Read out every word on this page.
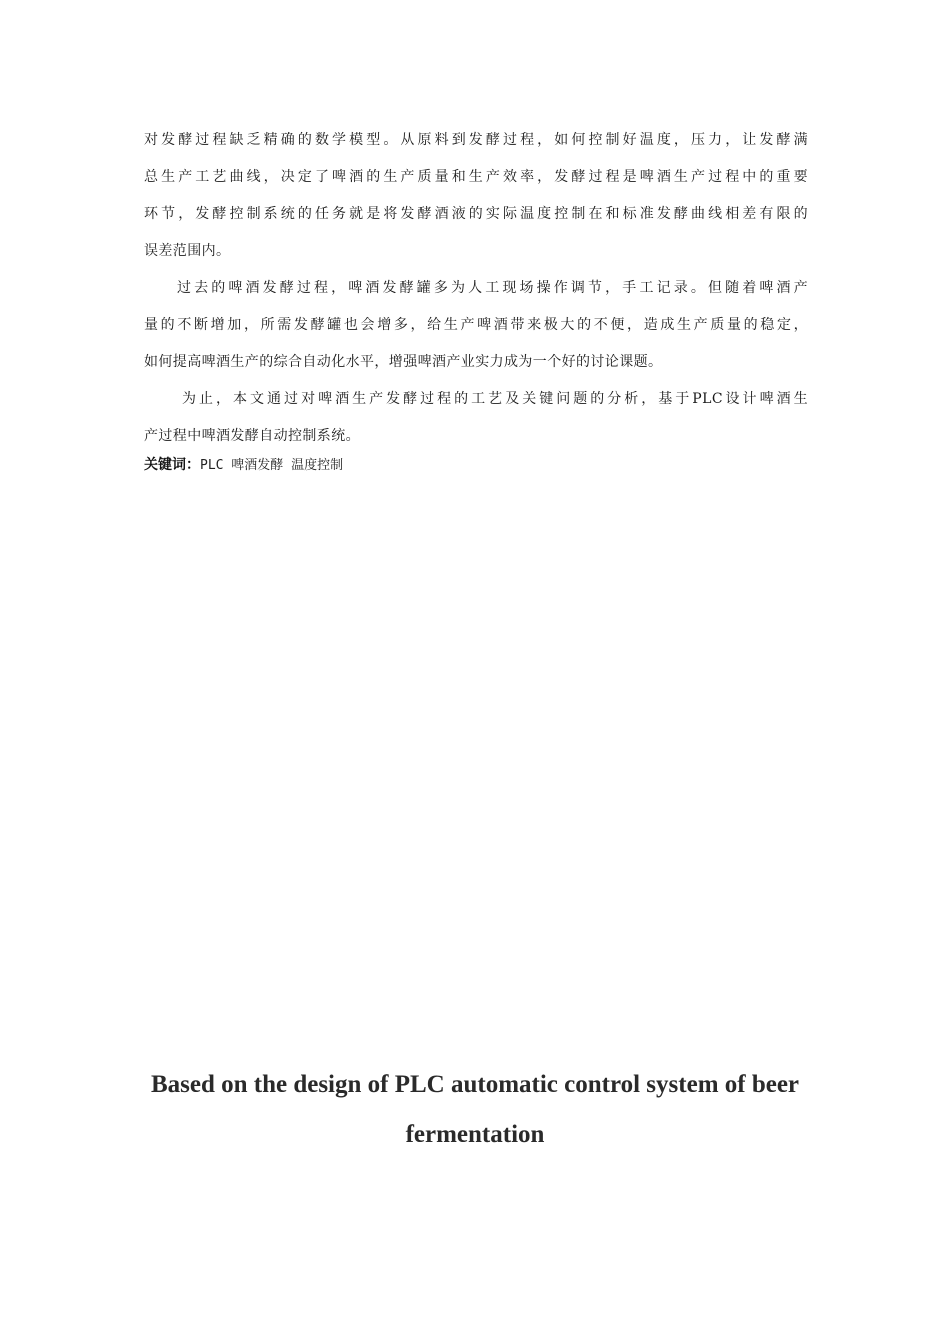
对发酵过程缺乏精确的数学模型。从原料到发酵过程，如何控制好温度，压力，让发酵满
总生产工艺曲线，决定了啤酒的生产质量和生产效率，发酵过程是啤酒生产过程中的重要
环节，发酵控制系统的任务就是将发酵酒液的实际温度控制在和标准发酵曲线相差有限的
误差范围内。
过去的啤酒发酵过程，啤酒发酵罐多为人工现场操作调节，手工记录。但随着啤酒产
量的不断增加，所需发酵罐也会增多，给生产啤酒带来极大的不便，造成生产质量的稳定，
如何提高啤酒生产的综合自动化水平，增强啤酒产业实力成为一个好的讨论课题。
为止，本文通过对啤酒生产发酵过程的工艺及关键问题的分析，基于PLC设计啤酒生
产过程中啤酒发酵自动控制系统。
关键词：PLC 啤酒发酵 温度控制
Based on the design of PLC automatic control system of beer
fermentation
